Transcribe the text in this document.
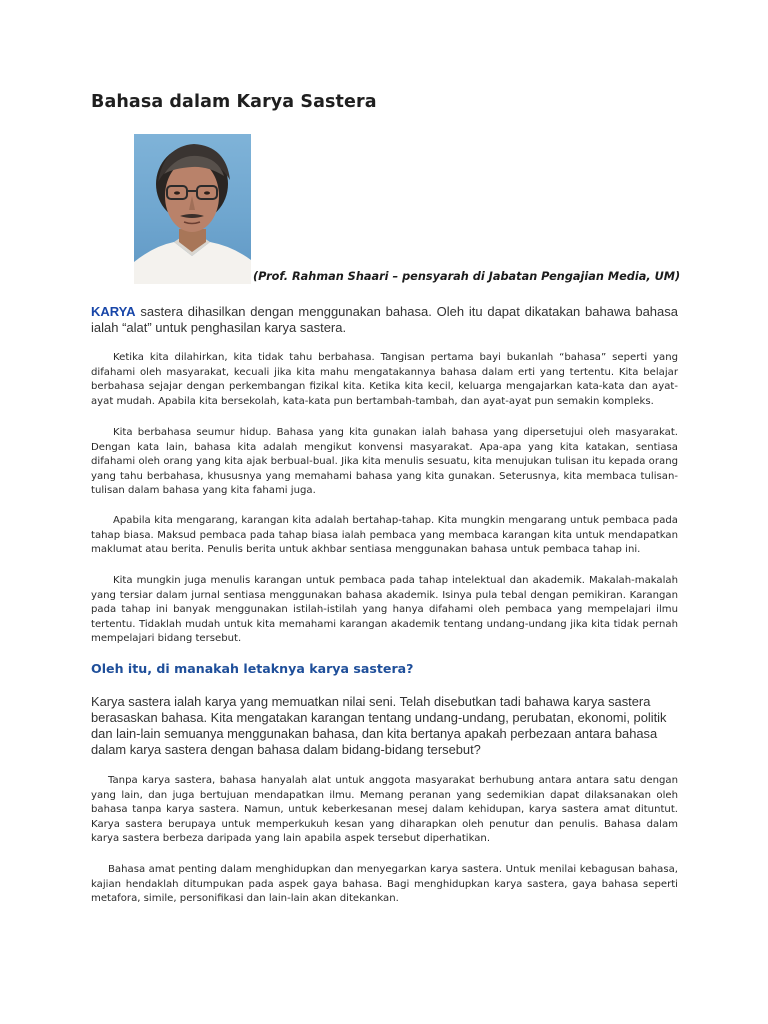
Bahasa dalam Karya Sastera
(Prof. Rahman Shaari – pensyarah di Jabatan Pengajian Media, UM)

KARYA sastera dihasilkan dengan menggunakan bahasa. Oleh itu dapat dikatakan bahawa bahasa ialah “alat” untuk penghasilan karya sastera.

Ketika kita dilahirkan, kita tidak tahu berbahasa. Tangisan pertama bayi bukanlah “bahasa” seperti yang difahami oleh masyarakat, kecuali jika kita mahu mengatakannya bahasa dalam erti yang tertentu. Kita belajar berbahasa sejajar dengan perkembangan fizikal kita. Ketika kita kecil, keluarga mengajarkan kata-kata dan ayat-ayat mudah. Apabila kita bersekolah, kata-kata pun bertambah-tambah, dan ayat-ayat pun semakin kompleks.

Kita berbahasa seumur hidup. Bahasa yang kita gunakan ialah bahasa yang dipersetujui oleh masyarakat. Dengan kata lain, bahasa kita adalah mengikut konvensi masyarakat. Apa-apa yang kita katakan, sentiasa difahami oleh orang yang kita ajak berbual-bual. Jika kita menulis sesuatu, kita menujukan tulisan itu kepada orang yang tahu berbahasa, khususnya yang memahami bahasa yang kita gunakan. Seterusnya, kita membaca tulisan-tulisan dalam bahasa yang kita fahami juga.

Apabila kita mengarang, karangan kita adalah bertahap-tahap. Kita mungkin mengarang untuk pembaca pada tahap biasa. Maksud pembaca pada tahap biasa ialah pembaca yang membaca karangan kita untuk mendapatkan maklumat atau berita. Penulis berita untuk akhbar sentiasa menggunakan bahasa untuk pembaca tahap ini.

Kita mungkin juga menulis karangan untuk pembaca pada tahap intelektual dan akademik. Makalah-makalah yang tersiar dalam jurnal sentiasa menggunakan bahasa akademik. Isinya pula tebal dengan pemikiran. Karangan pada tahap ini banyak menggunakan istilah-istilah yang hanya difahami oleh pembaca yang mempelajari ilmu tertentu. Tidaklah mudah untuk kita memahami karangan akademik tentang undang-undang jika kita tidak pernah mempelajari bidang tersebut.

Oleh itu, di manakah letaknya karya sastera?

Karya sastera ialah karya yang memuatkan nilai seni. Telah disebutkan tadi bahawa karya sastera berasaskan bahasa. Kita mengatakan karangan tentang undang-undang, perubatan, ekonomi, politik dan lain-lain semuanya menggunakan bahasa, dan kita bertanya apakah perbezaan antara bahasa dalam karya sastera dengan bahasa dalam bidang-bidang tersebut?

Tanpa karya sastera, bahasa hanyalah alat untuk anggota masyarakat berhubung antara antara satu dengan yang lain, dan juga bertujuan mendapatkan ilmu. Memang peranan yang sedemikian dapat dilaksanakan oleh bahasa tanpa karya sastera. Namun, untuk keberkesanan mesej dalam kehidupan, karya sastera amat dituntut. Karya sastera berupaya untuk memperkukuh kesan yang diharapkan oleh penutur dan penulis. Bahasa dalam karya sastera berbeza daripada yang lain apabila aspek tersebut diperhatikan.

Bahasa amat penting dalam menghidupkan dan menyegarkan karya sastera. Untuk menilai kebagusan bahasa, kajian hendaklah ditumpukan pada aspek gaya bahasa. Bagi menghidupkan karya sastera, gaya bahasa seperti metafora, simile, personifikasi dan lain-lain akan ditekankan.
